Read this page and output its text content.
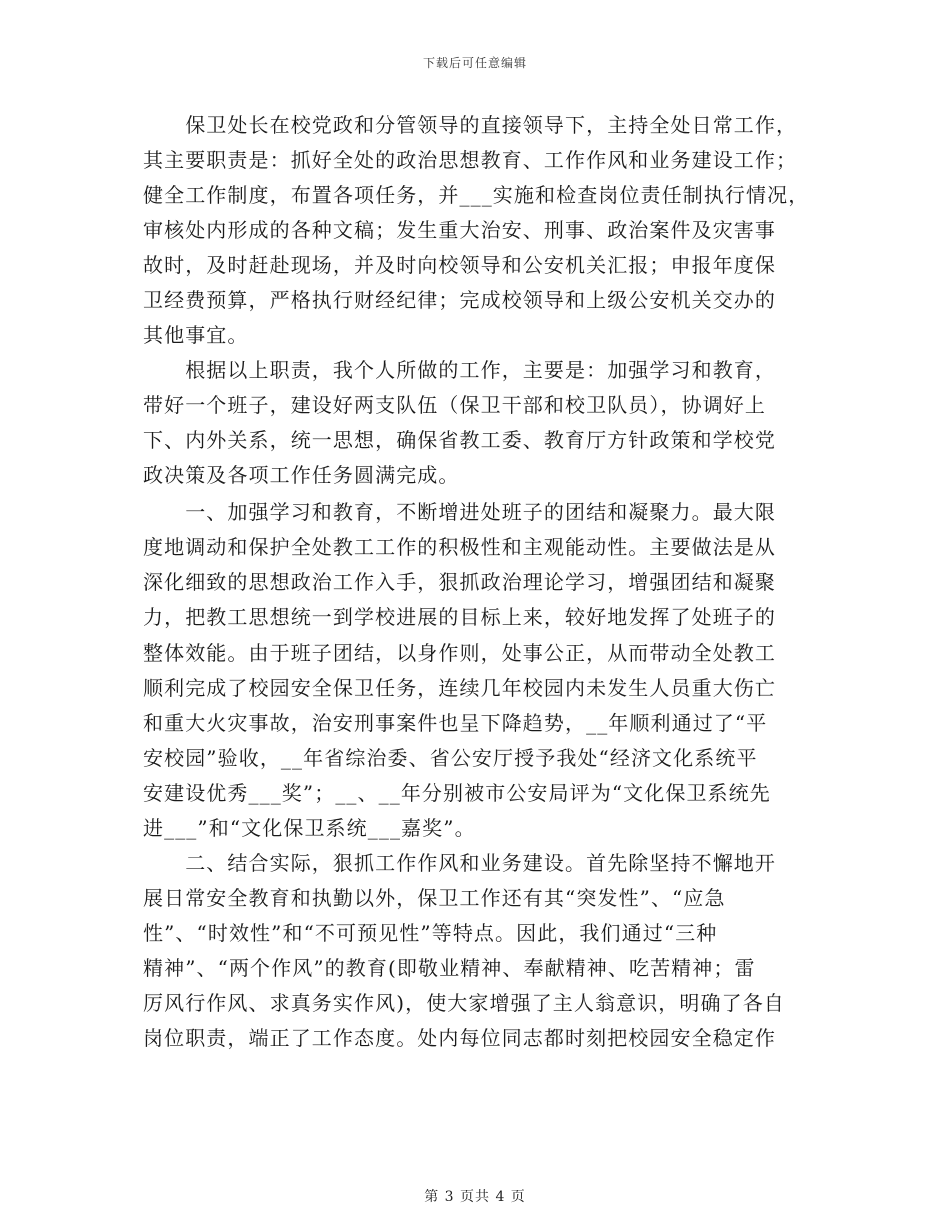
下载后可任意编辑
　　保卫处长在校党政和分管领导的直接领导下，主持全处日常工作，
其主要职责是：抓好全处的政治思想教育、工作作风和业务建设工作；
健全工作制度，布置各项任务，并___实施和检查岗位责任制执行情况，
审核处内形成的各种文稿；发生重大治安、刑事、政治案件及灾害事
故时，及时赶赴现场，并及时向校领导和公安机关汇报；申报年度保
卫经费预算，严格执行财经纪律；完成校领导和上级公安机关交办的
其他事宜。
　　根据以上职责，我个人所做的工作，主要是：加强学习和教育，
带好一个班子，建设好两支队伍（保卫干部和校卫队员），协调好上
下、内外关系，统一思想，确保省教工委、教育厅方针政策和学校党
政决策及各项工作任务圆满完成。
　　一、加强学习和教育，不断增进处班子的团结和凝聚力。最大限
度地调动和保护全处教工工作的积极性和主观能动性。主要做法是从
深化细致的思想政治工作入手，狠抓政治理论学习，增强团结和凝聚
力，把教工思想统一到学校进展的目标上来，较好地发挥了处班子的
整体效能。由于班子团结，以身作则，处事公正，从而带动全处教工
顺利完成了校园安全保卫任务，连续几年校园内未发生人员重大伤亡
和重大火灾事故，治安刑事案件也呈下降趋势，__年顺利通过了“平
安校园”验收，__年省综治委、省公安厅授予我处“经济文化系统平
安建设优秀___奖”；__、__年分别被市公安局评为“文化保卫系统先
进___”和“文化保卫系统___嘉奖”。
　　二、结合实际，狠抓工作作风和业务建设。首先除坚持不懈地开
展日常安全教育和执勤以外，保卫工作还有其“突发性”、“应急
性”、“时效性”和“不可预见性”等特点。因此，我们通过“三种
精神”、“两个作风”的教育(即敬业精神、奉献精神、吃苦精神；雷
厉风行作风、求真务实作风)，使大家增强了主人翁意识，明确了各自
岗位职责，端正了工作态度。处内每位同志都时刻把校园安全稳定作
第 3 页共 4 页
